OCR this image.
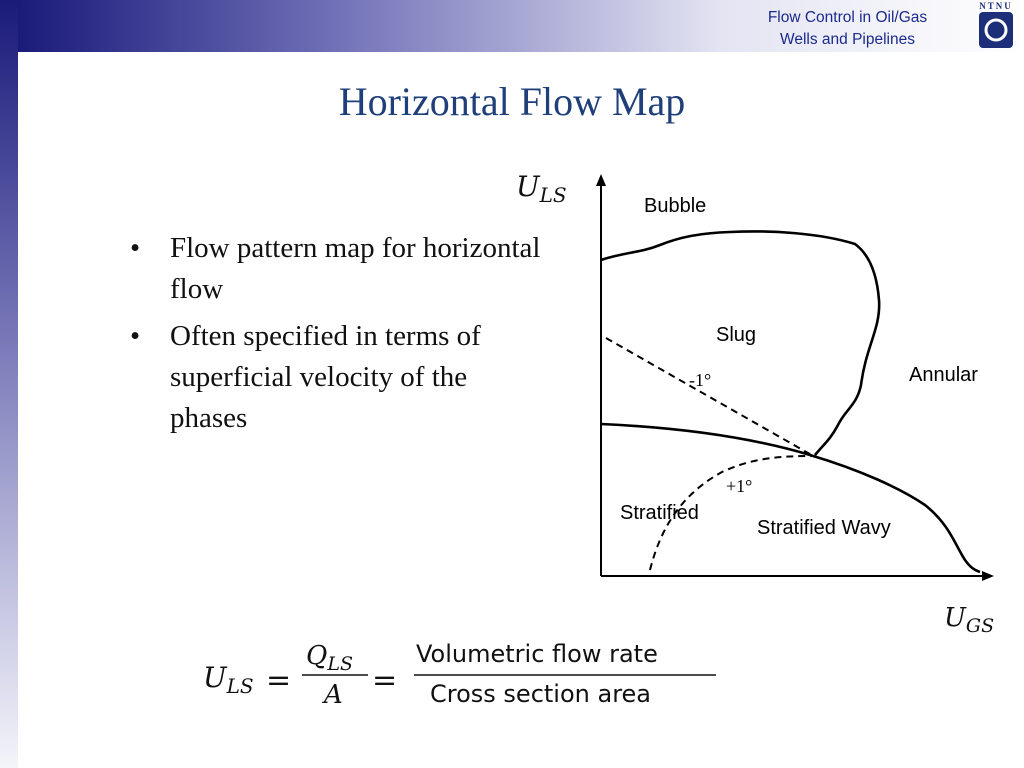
Flow Control in Oil/Gas
Wells and Pipelines
NTNU
Horizontal Flow Map
• Flow pattern map for horizontal flow
• Often specified in terms of superficial velocity of the phases
$U_{LS}$
$U_{GS}$
Bubble
Slug
Annular
Stratified
Stratified Wavy
-1°
+1°
$U_{LS}$ =
$Q_{LS}$
A =
Volumetric flow rate
Cross section area
